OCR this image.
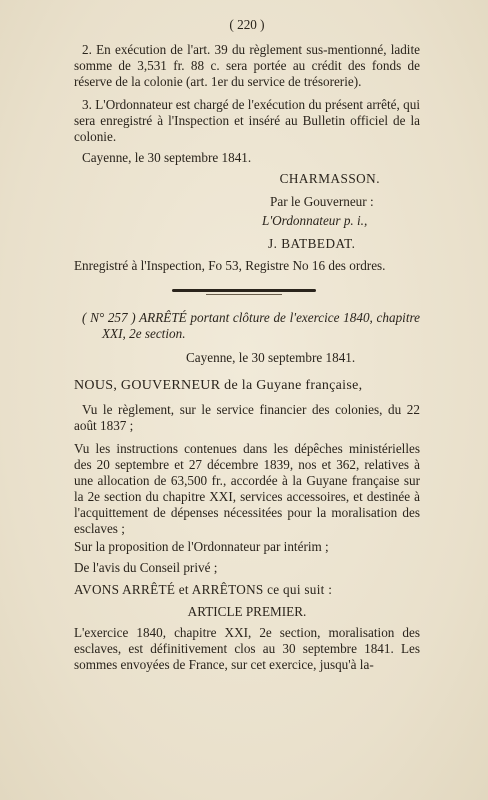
( 220 )
2. En exécution de l'art. 39 du règlement sus-mentionné, ladite somme de 3,531 fr. 88 c. sera portée au crédit des fonds de réserve de la colonie (art. 1er du service de trésorerie).
3. L'Ordonnateur est chargé de l'exécution du présent arrêté, qui sera enregistré à l'Inspection et inséré au Bulletin officiel de la colonie.
Cayenne, le 30 septembre 1841.
CHARMASSON.
Par le Gouverneur :
L'Ordonnateur p. i.,
J. BATBEDAT.
Enregistré à l'Inspection, Fo 53, Registre No 16 des ordres.
( N° 257 ) ARRÊTÉ portant clôture de l'exercice 1840, chapitre XXI, 2e section.
Cayenne, le 30 septembre 1841.
NOUS, GOUVERNEUR de la Guyane française,
Vu le règlement, sur le service financier des colonies, du 22 août 1837 ;
Vu les instructions contenues dans les dépêches ministérielles des 20 septembre et 27 décembre 1839, nos et 362, relatives à une allocation de 63,500 fr., accordée à la Guyane française sur la 2e section du chapitre XXI, services accessoires, et destinée à l'acquittement de dépenses nécessitées pour la moralisation des esclaves ;
Sur la proposition de l'Ordonnateur par intérim ;
De l'avis du Conseil privé ;
AVONS ARRÊTÉ et ARRÊTONS ce qui suit :
ARTICLE PREMIER.
L'exercice 1840, chapitre XXI, 2e section, moralisation des esclaves, est définitivement clos au 30 septembre 1841. Les sommes envoyées de France, sur cet exercice, jusqu'à la-
